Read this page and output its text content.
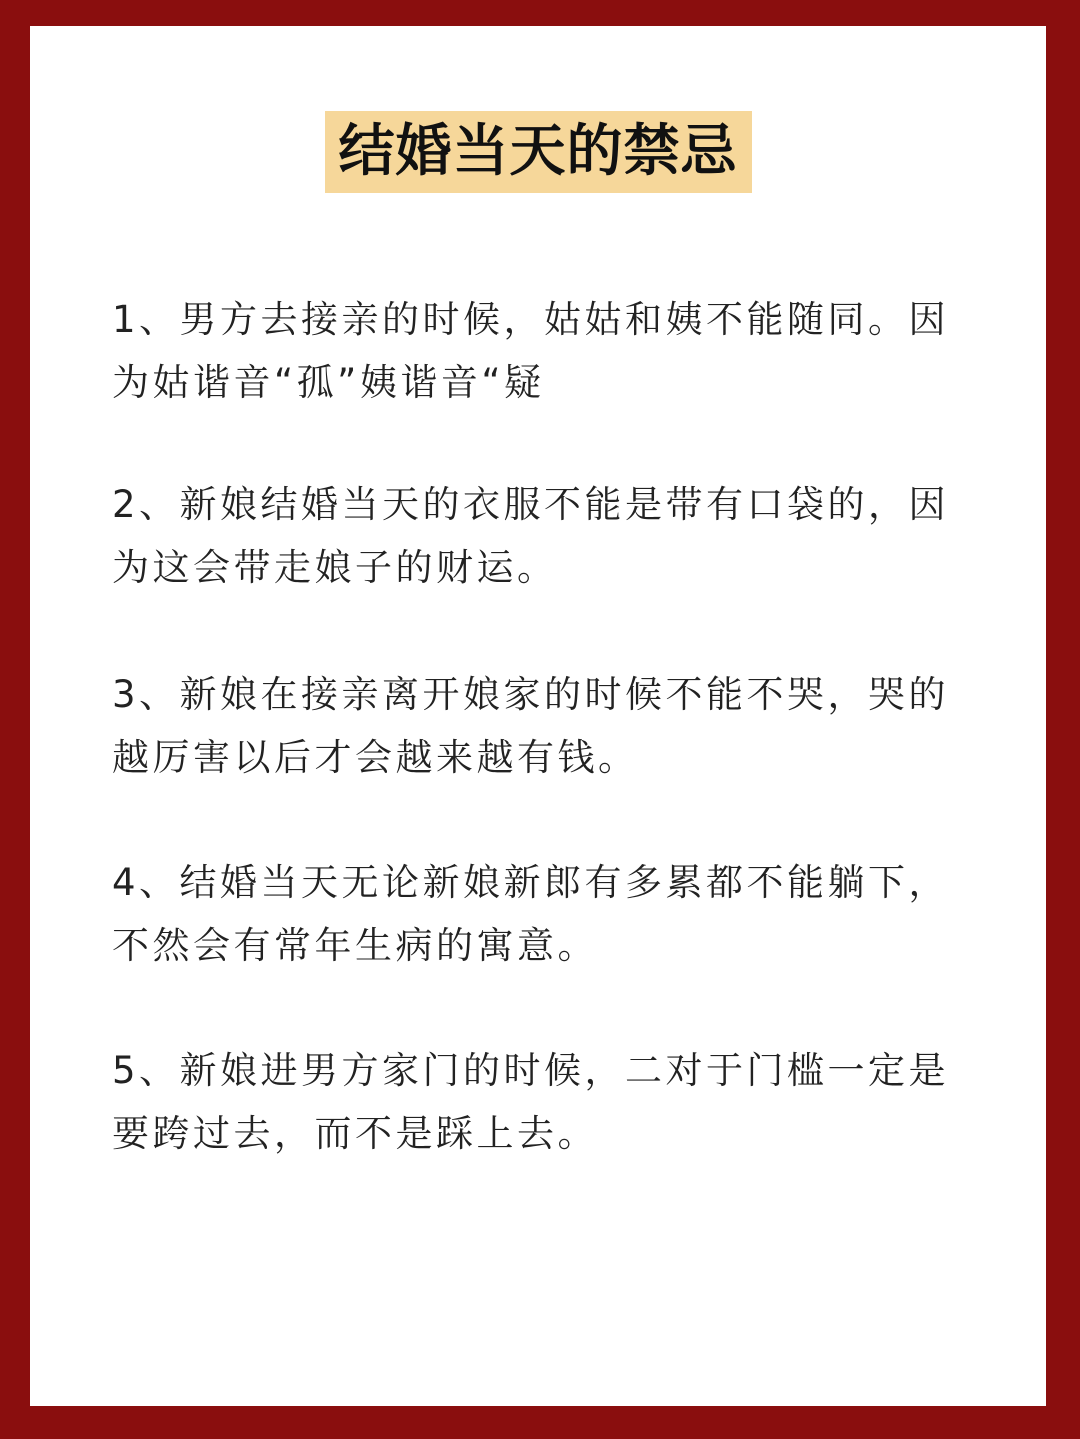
结婚当天的禁忌

1、男方去接亲的时候，姑姑和姨不能随同。因
为姑谐音“孤”姨谐音“疑

2、新娘结婚当天的衣服不能是带有口袋的，因
为这会带走娘子的财运。

3、新娘在接亲离开娘家的时候不能不哭，哭的
越厉害以后才会越来越有钱。

4、结婚当天无论新娘新郎有多累都不能躺下，
不然会有常年生病的寓意。

5、新娘进男方家门的时候，二对于门槛一定是
要跨过去，而不是踩上去。
